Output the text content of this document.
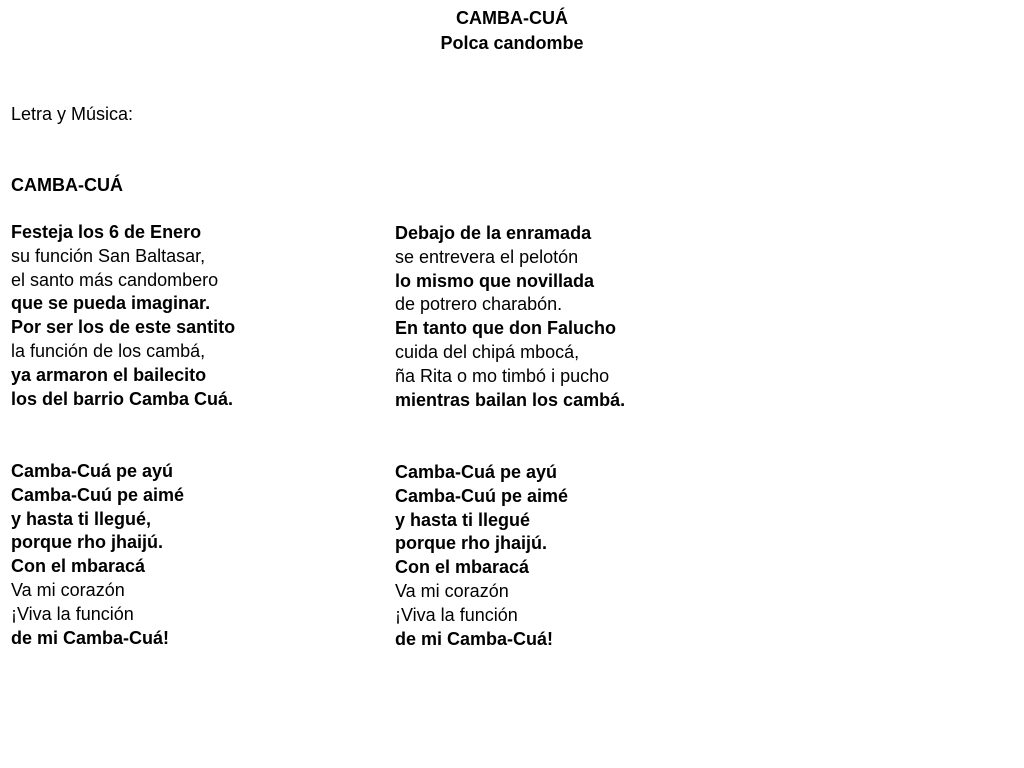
CAMBA-CUÁ
Polca candombe
Letra y Música:
CAMBA-CUÁ
Festeja los 6 de Enero
su función San Baltasar,
el santo más candombero
que se pueda imaginar.
Por ser los de este santito
la función de los cambá,
ya armaron el bailecito
los del barrio Camba Cuá.
Debajo de la enramada
se entrevera el pelotón
lo mismo que novillada
de potrero charabón.
En tanto que don Falucho
cuida del chipá mbocá,
ña Rita o mo timbó i pucho
mientras bailan los cambá.
Camba-Cuá pe ayú
Camba-Cuú pe aimé
y hasta ti llegué,
porque rho jhaijú.
Con el mbaracá
Va mi corazón
¡Viva la función
de mi Camba-Cuá!
Camba-Cuá pe ayú
Camba-Cuú pe aimé
y hasta ti llegué
porque rho jhaijú.
Con el mbaracá
Va mi corazón
¡Viva la función
de mi Camba-Cuá!
